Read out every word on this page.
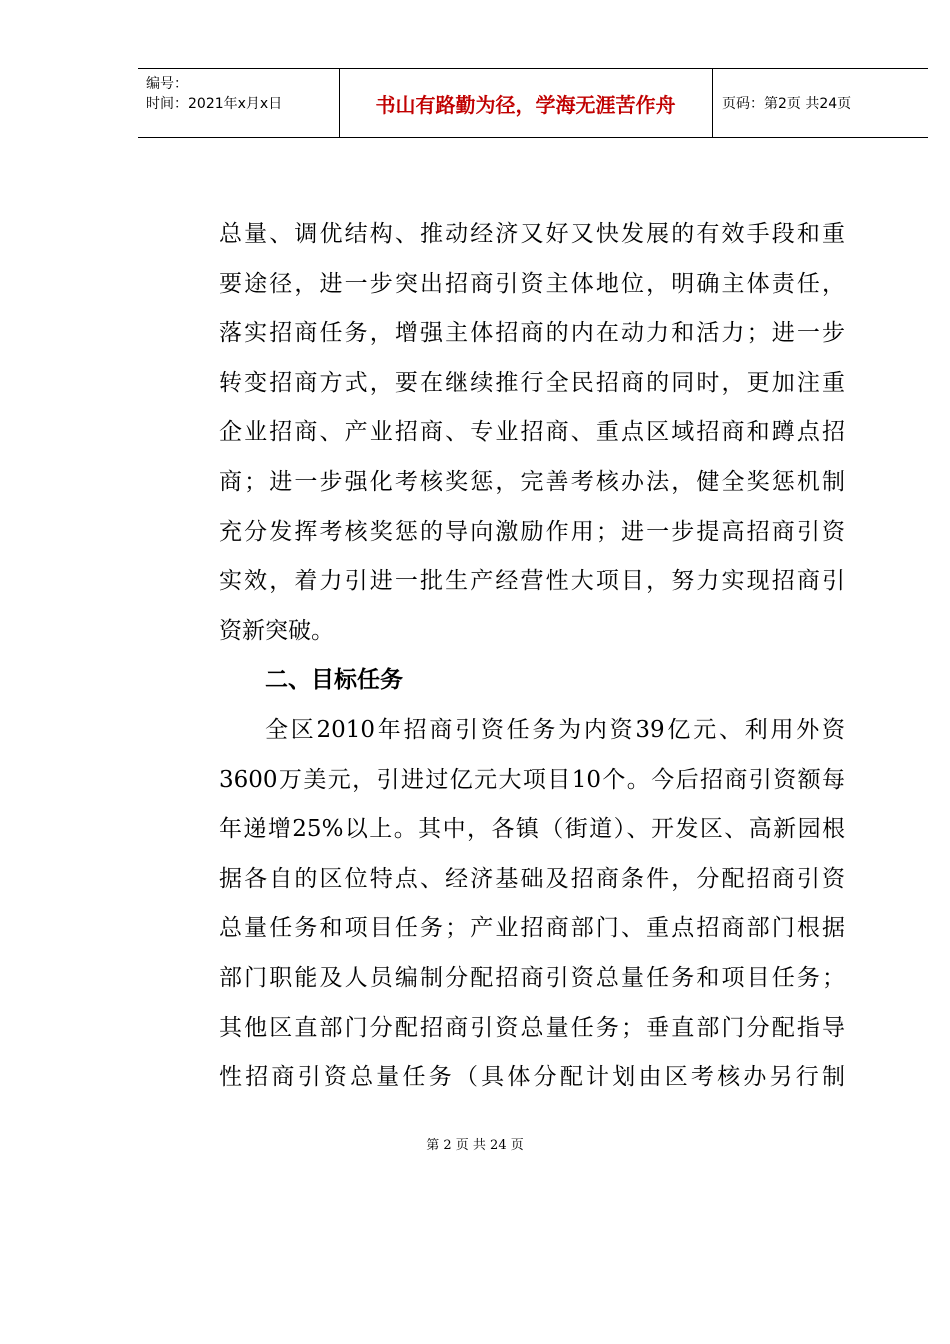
编号：
时间：2021年x月x日	书山有路勤为径，学海无涯苦作舟	页码：第2页 共24页
总量、调优结构、推动经济又好又快发展的有效手段和重
要途径，进一步突出招商引资主体地位，明确主体责任，
落实招商任务，增强主体招商的内在动力和活力；进一步
转变招商方式，要在继续推行全民招商的同时，更加注重
企业招商、产业招商、专业招商、重点区域招商和蹲点招
商；进一步强化考核奖惩，完善考核办法，健全奖惩机制
充分发挥考核奖惩的导向激励作用；进一步提高招商引资
实效，着力引进一批生产经营性大项目，努力实现招商引
资新突破。
二、目标任务
全区2010年招商引资任务为内资39亿元、利用外资
3600万美元，引进过亿元大项目10个。今后招商引资额每
年递增25%以上。其中，各镇（街道）、开发区、高新园根
据各自的区位特点、经济基础及招商条件，分配招商引资
总量任务和项目任务；产业招商部门、重点招商部门根据
部门职能及人员编制分配招商引资总量任务和项目任务；
其他区直部门分配招商引资总量任务；垂直部门分配指导
性招商引资总量任务（具体分配计划由区考核办另行制
第 2 页 共 24 页
